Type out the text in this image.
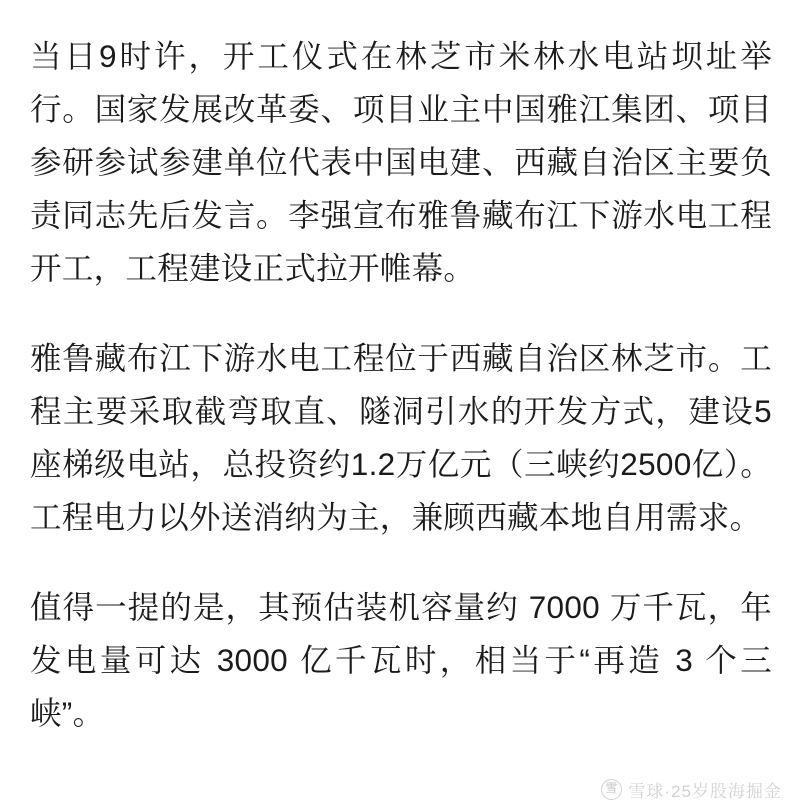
当日9时许，开工仪式在林芝市米林水电站坝址举行。国家发展改革委、项目业主中国雅江集团、项目参研参试参建单位代表中国电建、西藏自治区主要负责同志先后发言。李强宣布雅鲁藏布江下游水电工程开工，工程建设正式拉开帷幕。

雅鲁藏布江下游水电工程位于西藏自治区林芝市。工程主要采取截弯取直、隧洞引水的开发方式，建设5座梯级电站，总投资约1.2万亿元（三峡约2500亿）。工程电力以外送消纳为主，兼顾西藏本地自用需求。

值得一提的是，其预估装机容量约 7000 万千瓦，年发电量可达 3000 亿千瓦时，相当于“再造 3 个三峡”。

雪 雪球·25岁股海掘金
